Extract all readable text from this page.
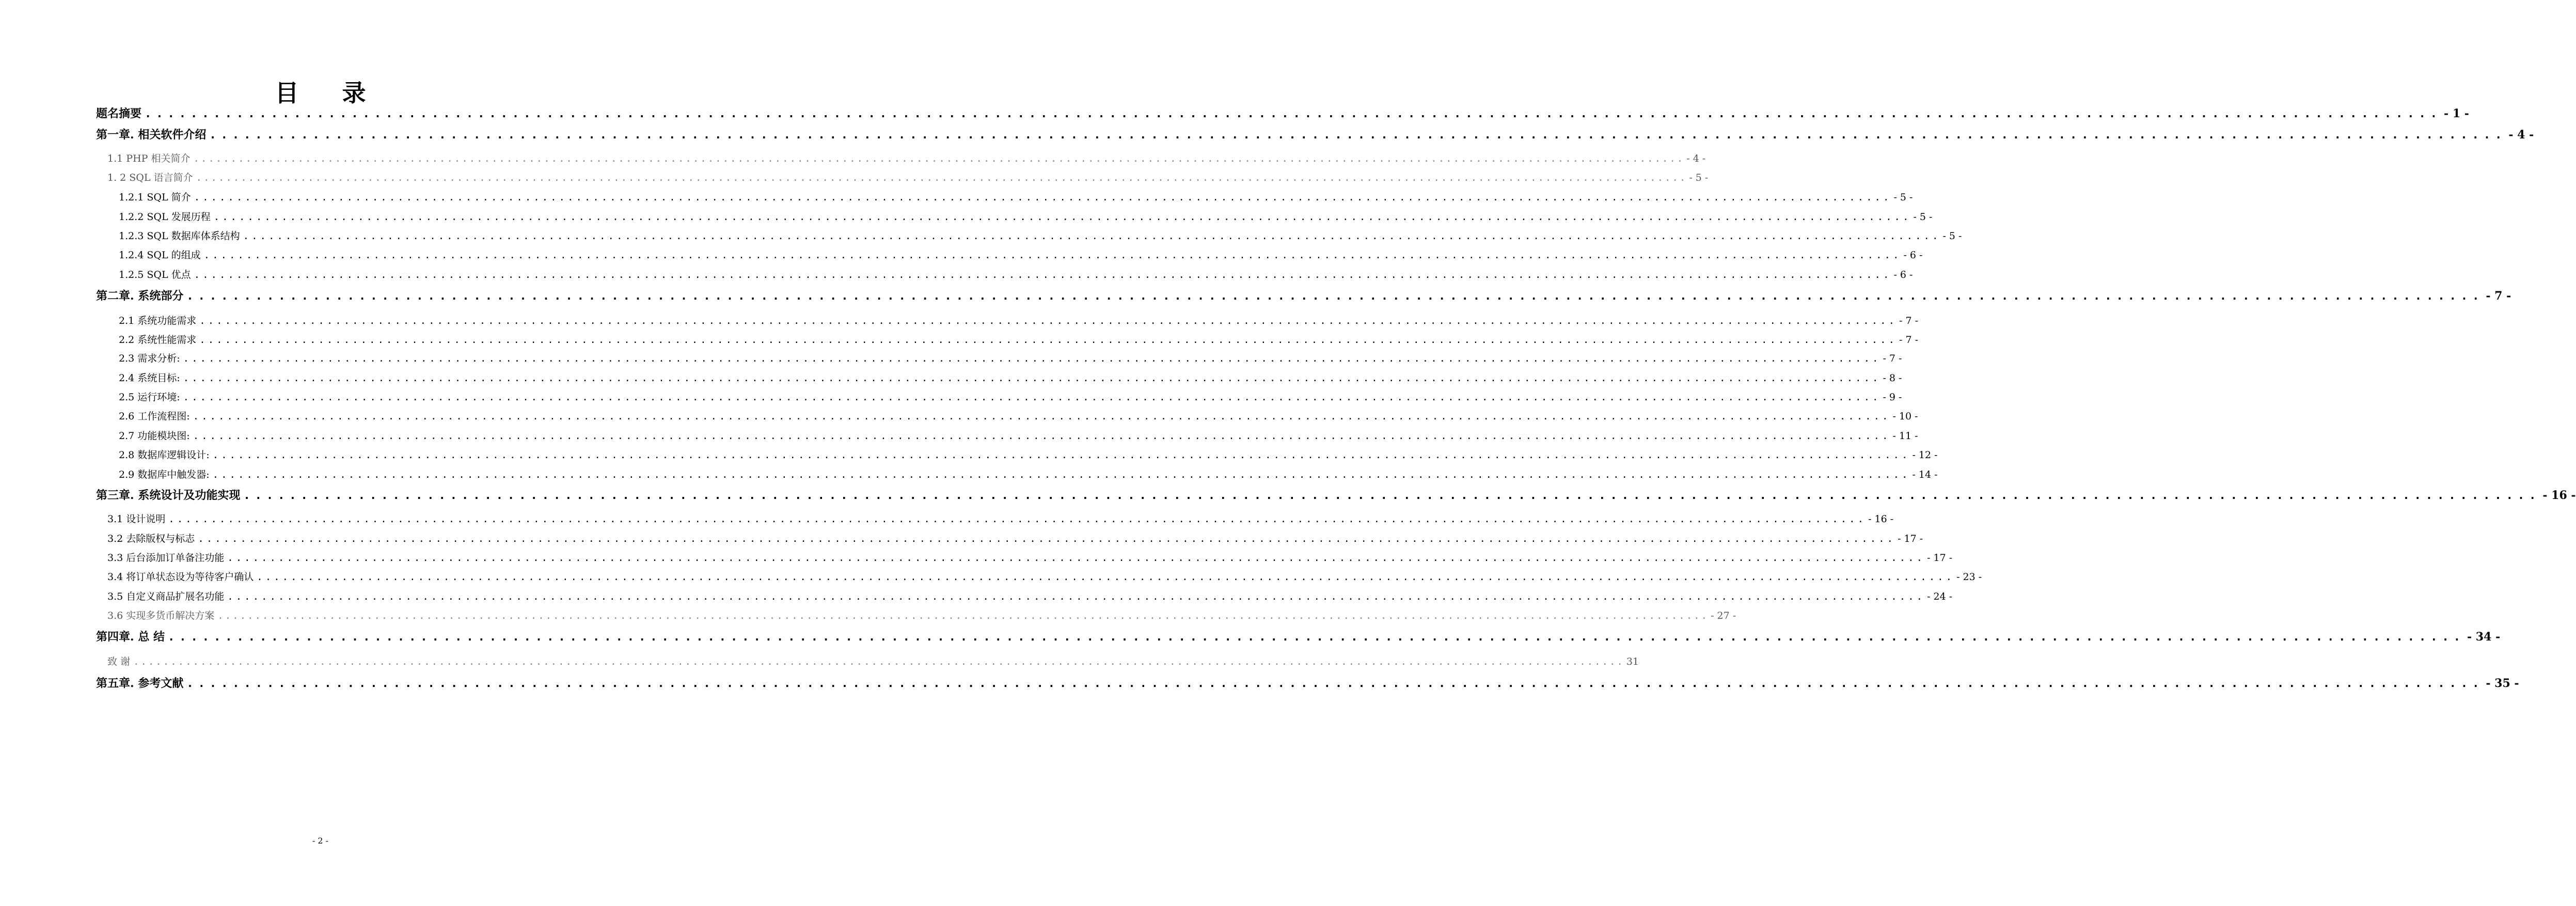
目 录
题名摘要 ........................................................................................................................................................................................................ - 1 -
第一章. 相关软件介绍 ........................................................................................................................................................................................................ - 4 -
1.1 PHP 相关简介 ........................................................................................................................................................................................................ - 4 -
1. 2 SQL 语言简介 ........................................................................................................................................................................................................ - 5 -
1.2.1 SQL 简介 ........................................................................................................................................................................................................ - 5 -
1.2.2 SQL 发展历程 ........................................................................................................................................................................................................ - 5 -
1.2.3 SQL 数据库体系结构 ........................................................................................................................................................................................................ - 5 -
1.2.4 SQL 的组成 ........................................................................................................................................................................................................ - 6 -
1.2.5 SQL 优点 ........................................................................................................................................................................................................ - 6 -
第二章. 系统部分 ........................................................................................................................................................................................................ - 7 -
2.1 系统功能需求 ........................................................................................................................................................................................................ - 7 -
2.2 系统性能需求 ........................................................................................................................................................................................................ - 7 -
2.3 需求分析: ........................................................................................................................................................................................................ - 7 -
2.4 系统目标: ........................................................................................................................................................................................................ - 8 -
2.5 运行环境: ........................................................................................................................................................................................................ - 9 -
2.6 工作流程图: ........................................................................................................................................................................................................ - 10 -
2.7 功能模块图: ........................................................................................................................................................................................................ - 11 -
2.8 数据库逻辑设计: ........................................................................................................................................................................................................ - 12 -
2.9 数据库中触发器: ........................................................................................................................................................................................................ - 14 -
第三章. 系统设计及功能实现 ........................................................................................................................................................................................................ - 16 -
3.1 设计说明 ........................................................................................................................................................................................................ - 16 -
3.2 去除版权与标志 ........................................................................................................................................................................................................ - 17 -
3.3 后台添加订单备注功能 ........................................................................................................................................................................................................ - 17 -
3.4 将订单状态设为等待客户确认 ........................................................................................................................................................................................................ - 23 -
3.5 自定义商品扩展名功能 ........................................................................................................................................................................................................ - 24 -
3.6 实现多货币解决方案 ........................................................................................................................................................................................................ - 27 -
第四章. 总 结 ........................................................................................................................................................................................................ - 34 -
致 谢 ........................................................................................................................................................................................................ 31
第五章. 参考文献 ........................................................................................................................................................................................................ - 35 -
- 2 -
